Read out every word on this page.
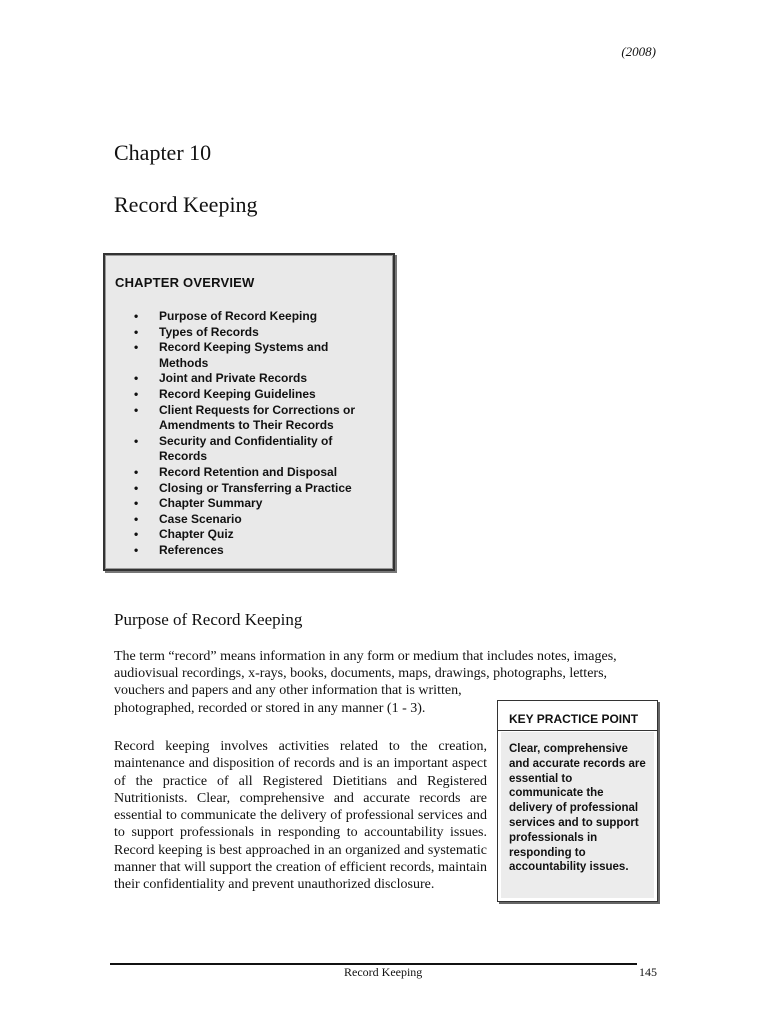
(2008)
Chapter 10
Record Keeping
CHAPTER OVERVIEW
• Purpose of Record Keeping
• Types of Records
• Record Keeping Systems and Methods
• Joint and Private Records
• Record Keeping Guidelines
• Client Requests for Corrections or Amendments to Their Records
• Security and Confidentiality of Records
• Record Retention and Disposal
• Closing or Transferring a Practice
• Chapter Summary
• Case Scenario
• Chapter Quiz
• References
Purpose of Record Keeping
The term “record” means information in any form or medium that includes notes, images,
audiovisual recordings, x-rays, books, documents, maps, drawings, photographs, letters,
vouchers and papers and any other information that is written,
photographed, recorded or stored in any manner (1 - 3).
Record keeping involves activities related to the creation, maintenance and disposition of records and is an important aspect of the practice of all Registered Dietitians and Registered Nutritionists. Clear, comprehensive and accurate records are essential to communicate the delivery of professional services and to support professionals in responding to accountability issues. Record keeping is best approached in an organized and systematic manner that will support the creation of efficient records, maintain their confidentiality and prevent unauthorized disclosure.
KEY PRACTICE POINT
Clear, comprehensive and accurate records are essential to communicate the delivery of professional services and to support professionals in responding to accountability issues.
Record Keeping	145
